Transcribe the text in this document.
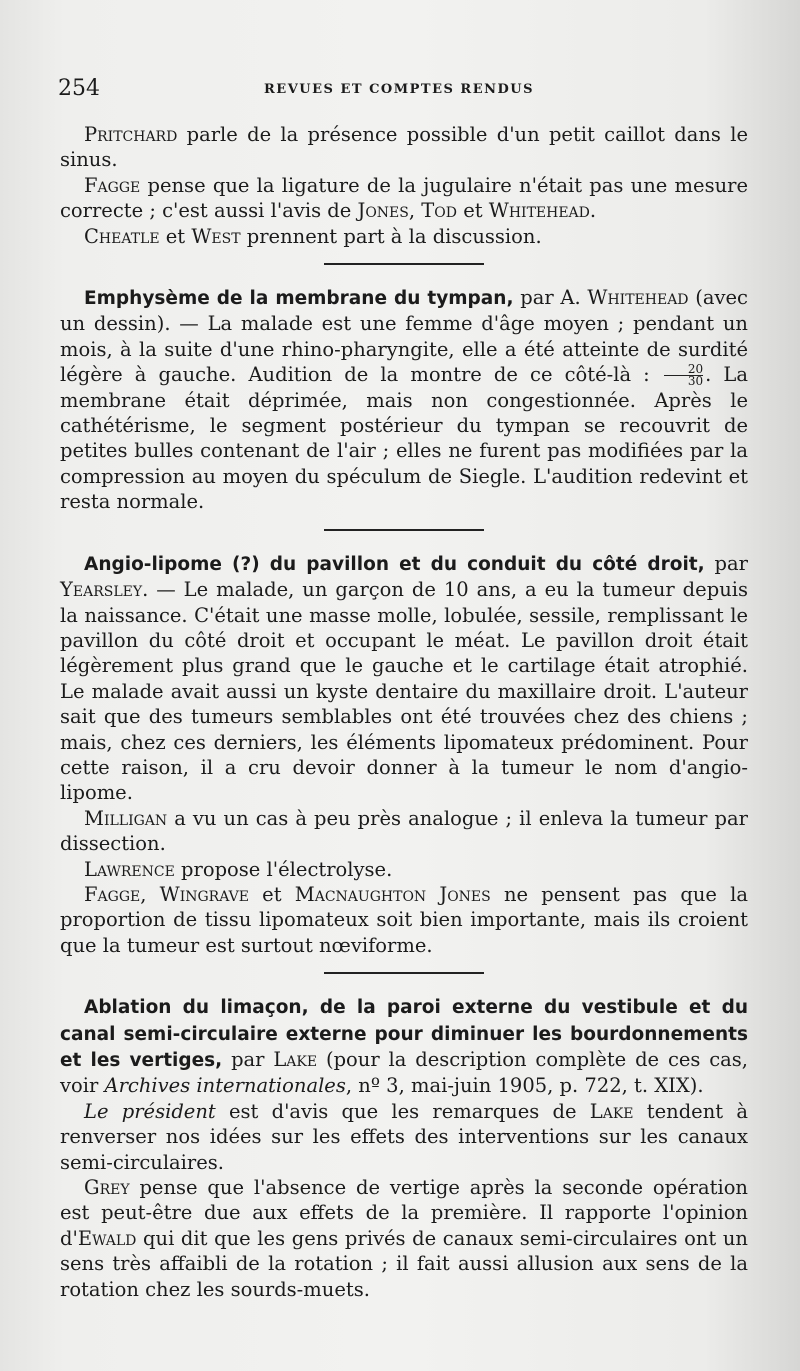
254	REVUES ET COMPTES RENDUS

Pritchard parle de la présence possible d'un petit caillot dans le sinus.

Fagge pense que la ligature de la jugulaire n'était pas une mesure correcte ; c'est aussi l'avis de Jones, Tod et Whitehead.

Cheatle et West prennent part à la discussion.

Emphysème de la membrane du tympan, par A. Whitehead (avec un dessin). — La malade est une femme d'âge moyen ; pendant un mois, à la suite d'une rhino-pharyngite, elle a été atteinte de surdité légère à gauche. Audition de la montre de ce côté-là : $\frac{20}{30}$ . La membrane était déprimée, mais non congestionnée. Après le cathétérisme, le segment postérieur du tympan se recouvrit de petites bulles contenant de l'air ; elles ne furent pas modifiées par la compression au moyen du spéculum de Siegle. L'audition redevint et resta normale.

Angio-lipome (?) du pavillon et du conduit du côté droit, par Yearsley. — Le malade, un garçon de 10 ans, a eu la tumeur depuis la naissance. C'était une masse molle, lobulée, sessile, remplissant le pavillon du côté droit et occupant le méat. Le pavillon droit était légèrement plus grand que le gauche et le cartilage était atrophié. Le malade avait aussi un kyste dentaire du maxillaire droit. L'auteur sait que des tumeurs semblables ont été trouvées chez des chiens ; mais, chez ces derniers, les éléments lipomateux prédominent. Pour cette raison, il a cru devoir donner à la tumeur le nom d'angio-lipome.

Milligan a vu un cas à peu près analogue ; il enleva la tumeur par dissection.

Lawrence propose l'électrolyse.

Fagge, Wingrave et Macnaughton Jones ne pensent pas que la proportion de tissu lipomateux soit bien importante, mais ils croient que la tumeur est surtout nœviforme.

Ablation du limaçon, de la paroi externe du vestibule et du canal semi-circulaire externe pour diminuer les bourdonnements et les vertiges, par Lake (pour la description complète de ces cas, voir Archives internationales, nº 3, mai-juin 1905, p. 722, t. XIX).

Le président est d'avis que les remarques de Lake tendent à renverser nos idées sur les effets des interventions sur les canaux semi-circulaires.

Grey pense que l'absence de vertige après la seconde opération est peut-être due aux effets de la première. Il rapporte l'opinion d'Ewald qui dit que les gens privés de canaux semi-circulaires ont un sens très affaibli de la rotation ; il fait aussi allusion aux sens de la rotation chez les sourds-muets.
